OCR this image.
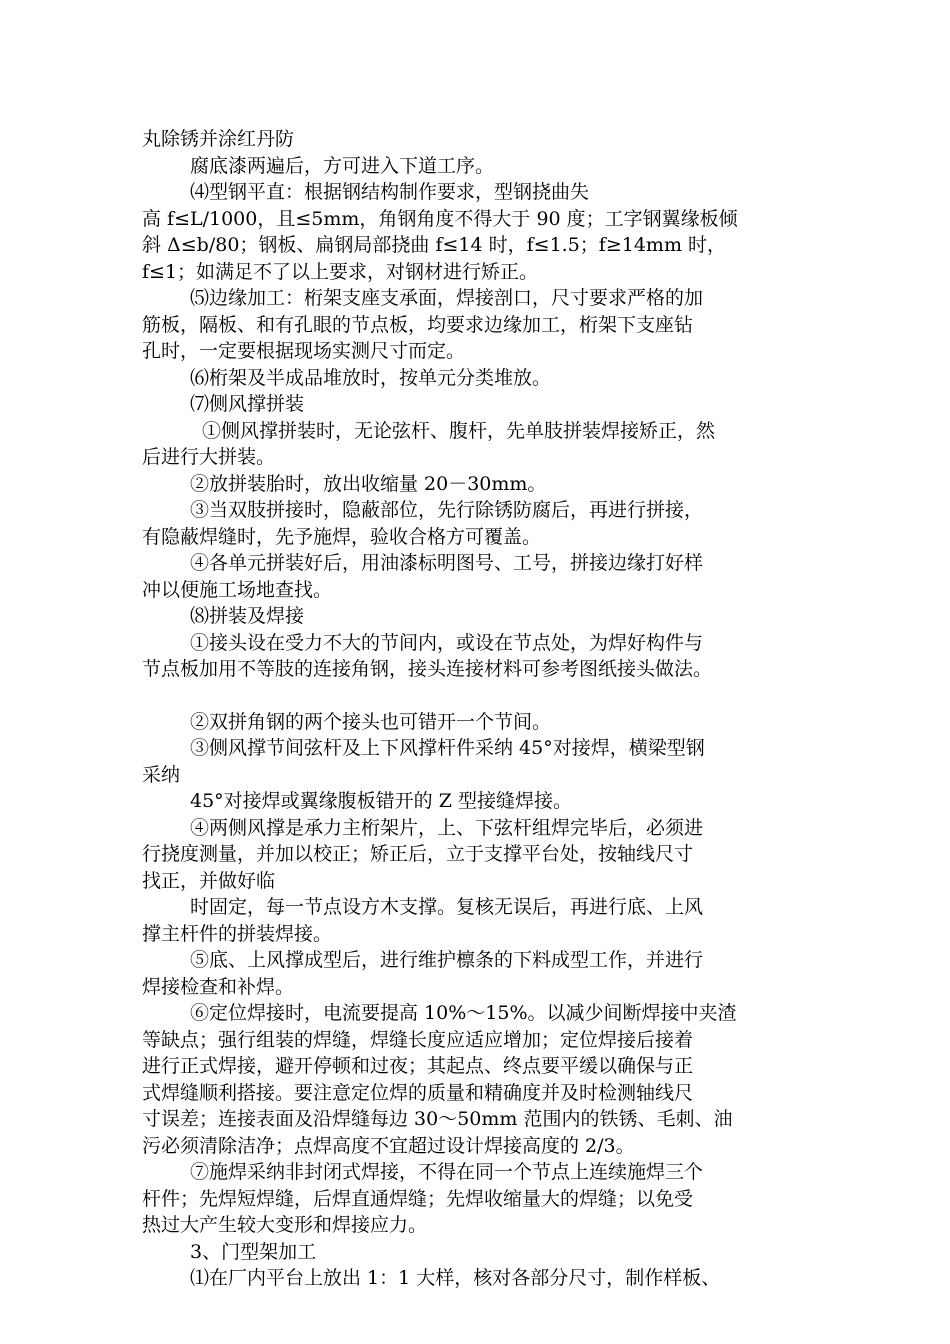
丸除锈并涂红丹防
腐底漆两遍后，方可进入下道工序。
⑷型钢平直：根据钢结构制作要求，型钢挠曲失
高 f≤L/1000，且≤5mm，角钢角度不得大于 90 度；工字钢翼缘板倾
斜 Δ≤b/80；钢板、扁钢局部挠曲 f≤14 时，f≤1.5；f≥14mm 时，
f≤1；如满足不了以上要求，对钢材进行矫正。
⑸边缘加工：桁架支座支承面，焊接剖口，尺寸要求严格的加
筋板，隔板、和有孔眼的节点板，均要求边缘加工，桁架下支座钻
孔时，一定要根据现场实测尺寸而定。
⑹桁架及半成品堆放时，按单元分类堆放。
⑺侧风撑拼装
①侧风撑拼装时，无论弦杆、腹杆，先单肢拼装焊接矫正，然
后进行大拼装。
②放拼装胎时，放出收缩量 20－30mm。
③当双肢拼接时，隐蔽部位，先行除锈防腐后，再进行拼接，
有隐蔽焊缝时，先予施焊，验收合格方可覆盖。
④各单元拼装好后，用油漆标明图号、工号，拼接边缘打好样
冲以便施工场地查找。
⑻拼装及焊接
①接头设在受力不大的节间内，或设在节点处，为焊好构件与
节点板加用不等肢的连接角钢，接头连接材料可参考图纸接头做法。
②双拼角钢的两个接头也可错开一个节间。
③侧风撑节间弦杆及上下风撑杆件采纳 45°对接焊，横梁型钢
采纳
45°对接焊或翼缘腹板错开的 Z 型接缝焊接。
④两侧风撑是承力主桁架片，上、下弦杆组焊完毕后，必须进
行挠度测量，并加以校正；矫正后，立于支撑平台处，按轴线尺寸
找正，并做好临
时固定，每一节点设方木支撑。复核无误后，再进行底、上风
撑主杆件的拼装焊接。
⑤底、上风撑成型后，进行维护檩条的下料成型工作，并进行
焊接检查和补焊。
⑥定位焊接时，电流要提高 10%～15%。以减少间断焊接中夹渣
等缺点；强行组装的焊缝，焊缝长度应适应增加；定位焊接后接着
进行正式焊接，避开停顿和过夜；其起点、终点要平缓以确保与正
式焊缝顺利搭接。要注意定位焊的质量和精确度并及时检测轴线尺
寸误差；连接表面及沿焊缝每边 30～50mm 范围内的铁锈、毛刺、油
污必须清除洁净；点焊高度不宜超过设计焊接高度的 2/3。
⑦施焊采纳非封闭式焊接，不得在同一个节点上连续施焊三个
杆件；先焊短焊缝，后焊直通焊缝；先焊收缩量大的焊缝；以免受
热过大产生较大变形和焊接应力。
3、门型架加工
⑴在厂内平台上放出 1：1 大样，核对各部分尺寸，制作样板、
